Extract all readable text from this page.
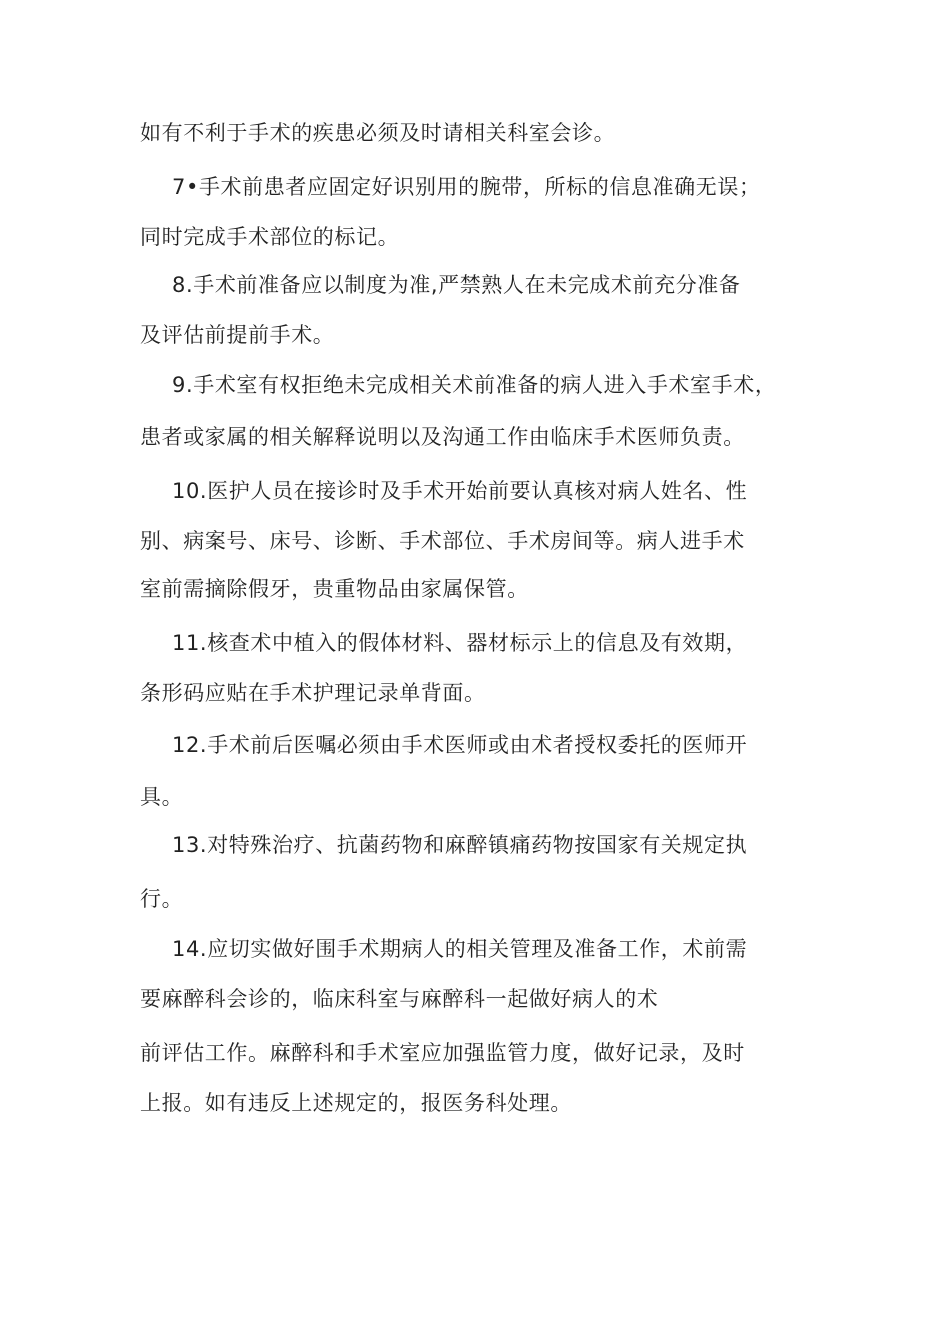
如有不利于手术的疾患必须及时请相关科室会诊。
7•手术前患者应固定好识别用的腕带，所标的信息准确无误；
同时完成手术部位的标记。
8.手术前准备应以制度为准,严禁熟人在未完成术前充分准备
及评估前提前手术。
9.手术室有权拒绝未完成相关术前准备的病人进入手术室手术，
患者或家属的相关解释说明以及沟通工作由临床手术医师负责。
10.医护人员在接诊时及手术开始前要认真核对病人姓名、性
别、病案号、床号、诊断、手术部位、手术房间等。病人进手术
室前需摘除假牙，贵重物品由家属保管。
11.核查术中植入的假体材料、器材标示上的信息及有效期，
条形码应贴在手术护理记录单背面。
12.手术前后医嘱必须由手术医师或由术者授权委托的医师开
具。
13.对特殊治疗、抗菌药物和麻醉镇痛药物按国家有关规定执
行。
14.应切实做好围手术期病人的相关管理及准备工作，术前需
要麻醉科会诊的，临床科室与麻醉科一起做好病人的术
前评估工作。麻醉科和手术室应加强监管力度，做好记录，及时
上报。如有违反上述规定的，报医务科处理。
